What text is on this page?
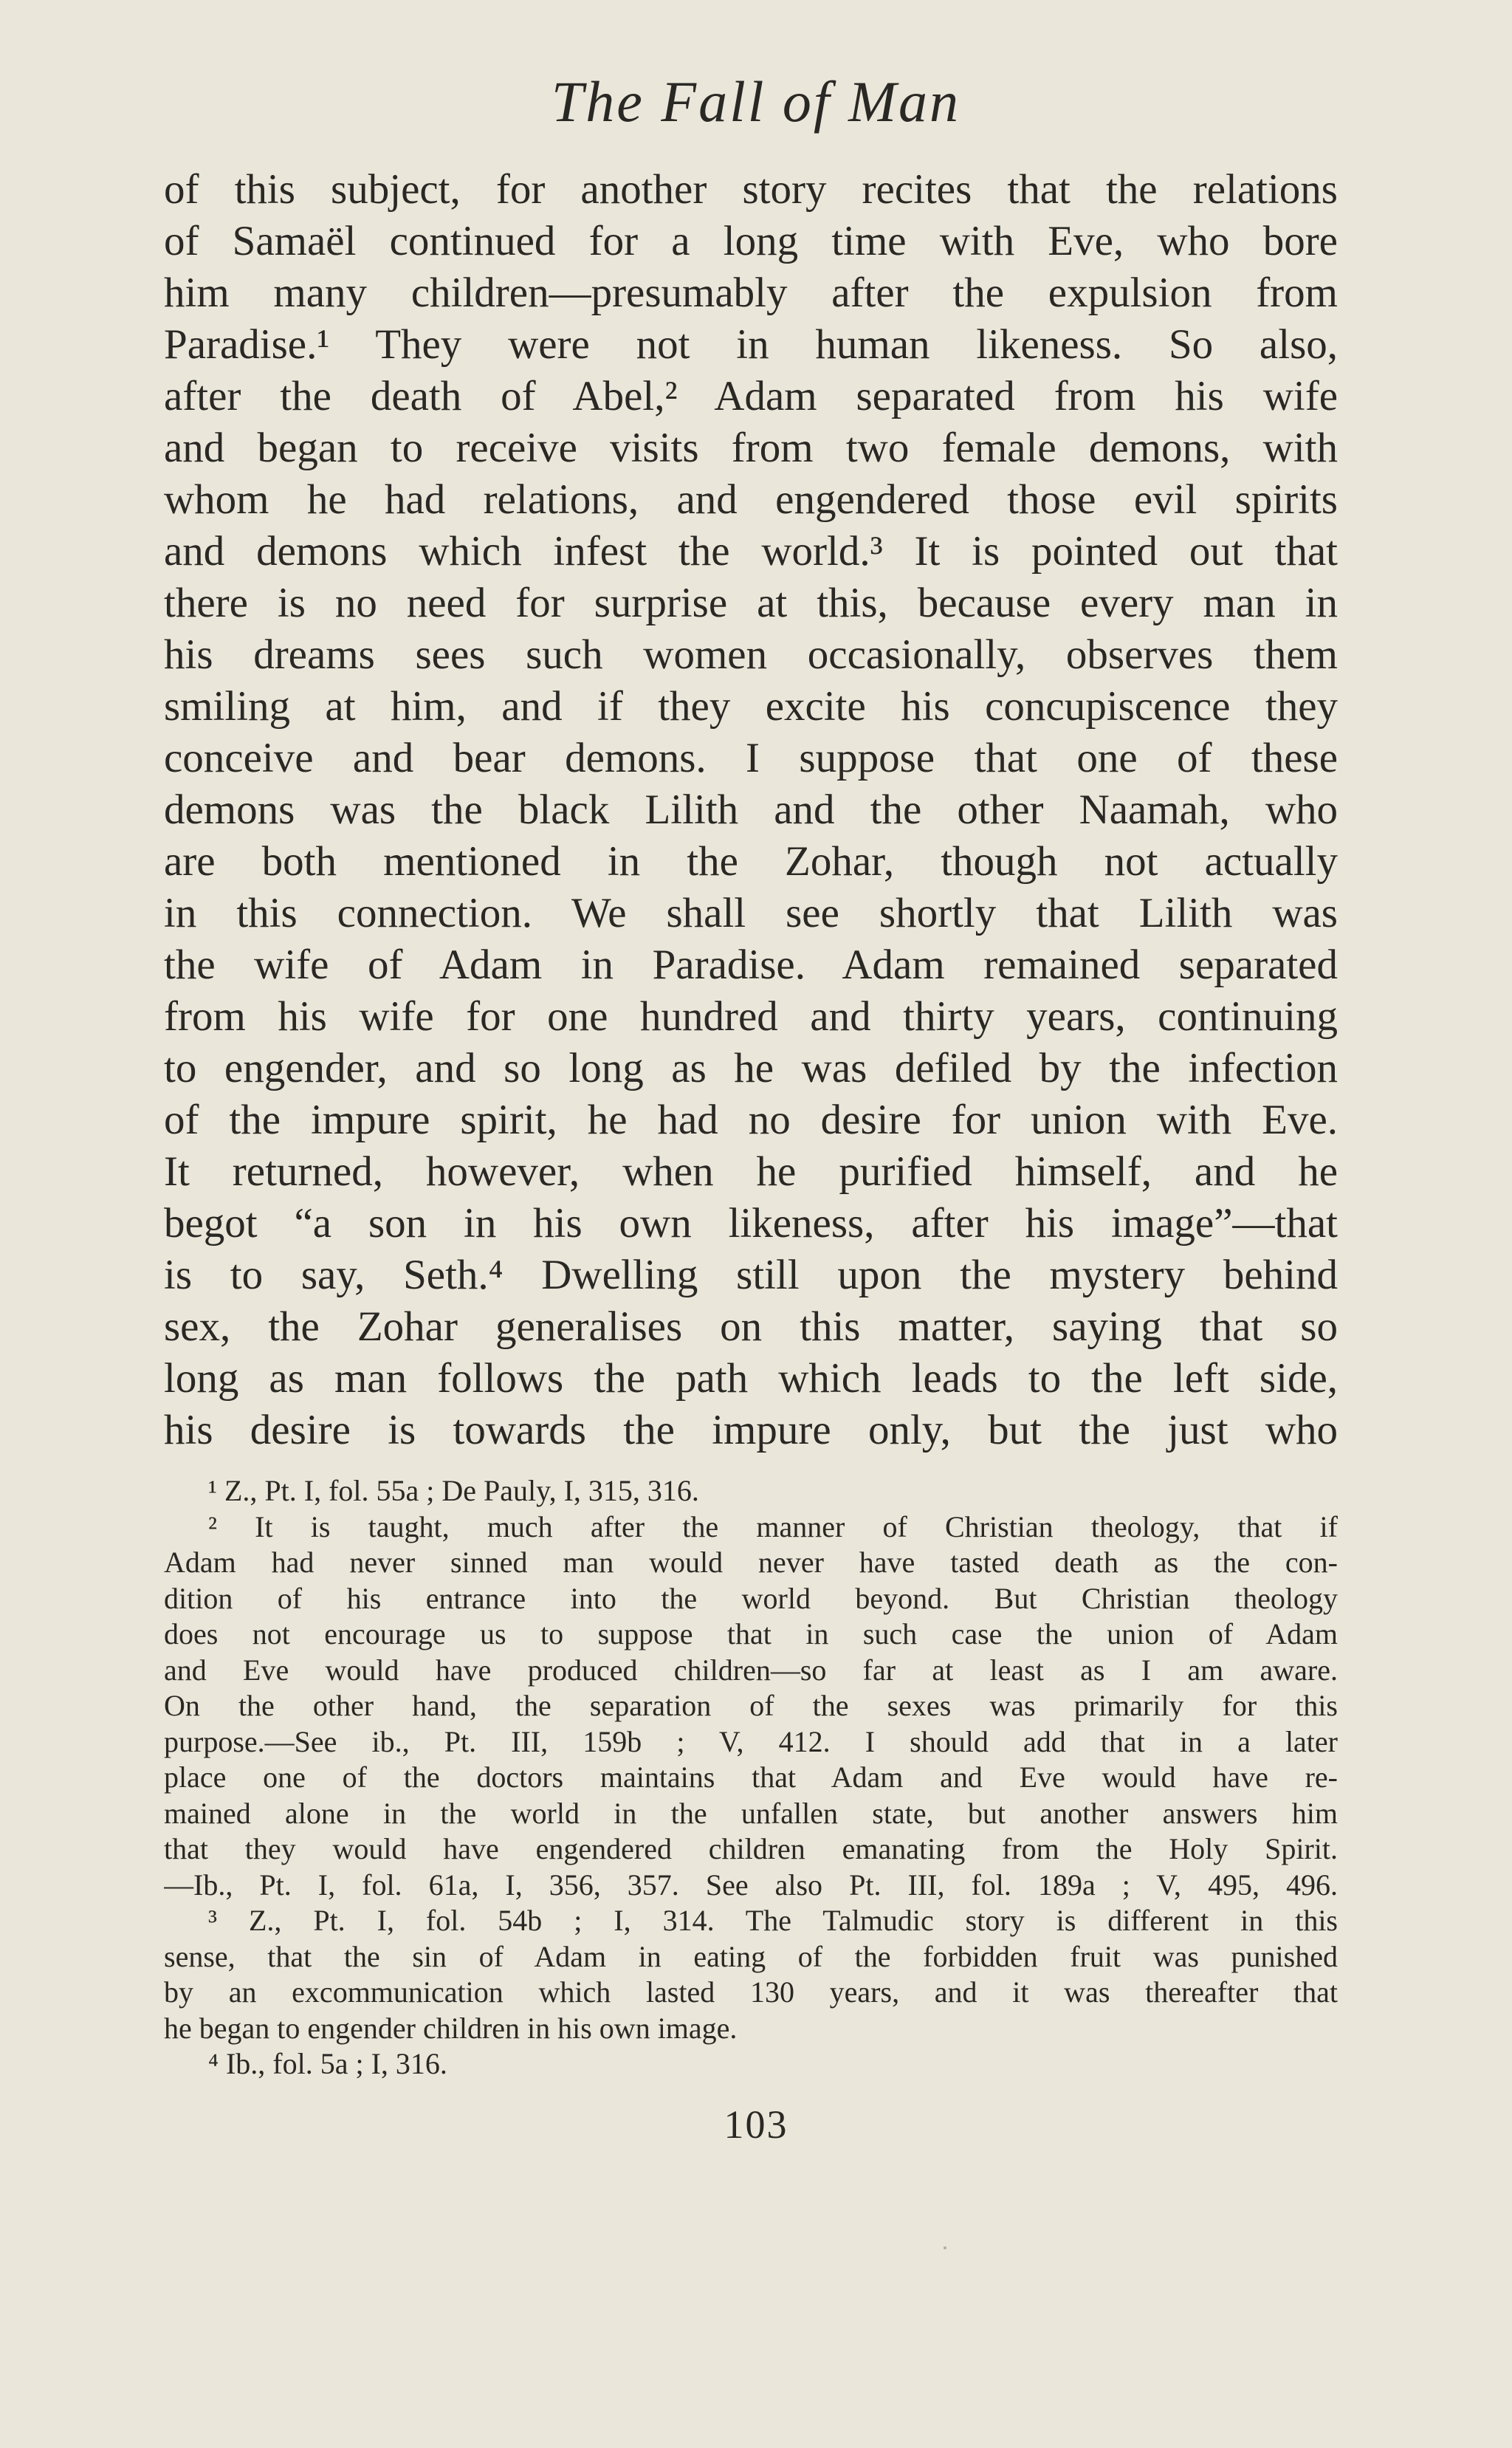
The Fall of Man
of this subject, for another story recites that the relations
of Samaël continued for a long time with Eve, who bore
him many children—presumably after the expulsion from
Paradise.¹ They were not in human likeness. So also,
after the death of Abel,² Adam separated from his wife
and began to receive visits from two female demons, with
whom he had relations, and engendered those evil spirits
and demons which infest the world.³ It is pointed out that
there is no need for surprise at this, because every man in
his dreams sees such women occasionally, observes them
smiling at him, and if they excite his concupiscence they
conceive and bear demons. I suppose that one of these
demons was the black Lilith and the other Naamah, who
are both mentioned in the Zohar, though not actually
in this connection. We shall see shortly that Lilith was
the wife of Adam in Paradise. Adam remained separated
from his wife for one hundred and thirty years, continuing
to engender, and so long as he was defiled by the infection
of the impure spirit, he had no desire for union with Eve.
It returned, however, when he purified himself, and he
begot “a son in his own likeness, after his image”—that
is to say, Seth.⁴ Dwelling still upon the mystery behind
sex, the Zohar generalises on this matter, saying that so
long as man follows the path which leads to the left side,
his desire is towards the impure only, but the just who
¹ Z., Pt. I, fol. 55a ; De Pauly, I, 315, 316.
² It is taught, much after the manner of Christian theology, that if
Adam had never sinned man would never have tasted death as the con-
dition of his entrance into the world beyond. But Christian theology
does not encourage us to suppose that in such case the union of Adam
and Eve would have produced children—so far at least as I am aware.
On the other hand, the separation of the sexes was primarily for this
purpose.—See ib., Pt. III, 159b ; V, 412. I should add that in a later
place one of the doctors maintains that Adam and Eve would have re-
mained alone in the world in the unfallen state, but another answers him
that they would have engendered children emanating from the Holy Spirit.
—Ib., Pt. I, fol. 61a, I, 356, 357. See also Pt. III, fol. 189a ; V, 495, 496.
³ Z., Pt. I, fol. 54b ; I, 314. The Talmudic story is different in this
sense, that the sin of Adam in eating of the forbidden fruit was punished
by an excommunication which lasted 130 years, and it was thereafter that
he began to engender children in his own image.
⁴ Ib., fol. 5a ; I, 316.
103
